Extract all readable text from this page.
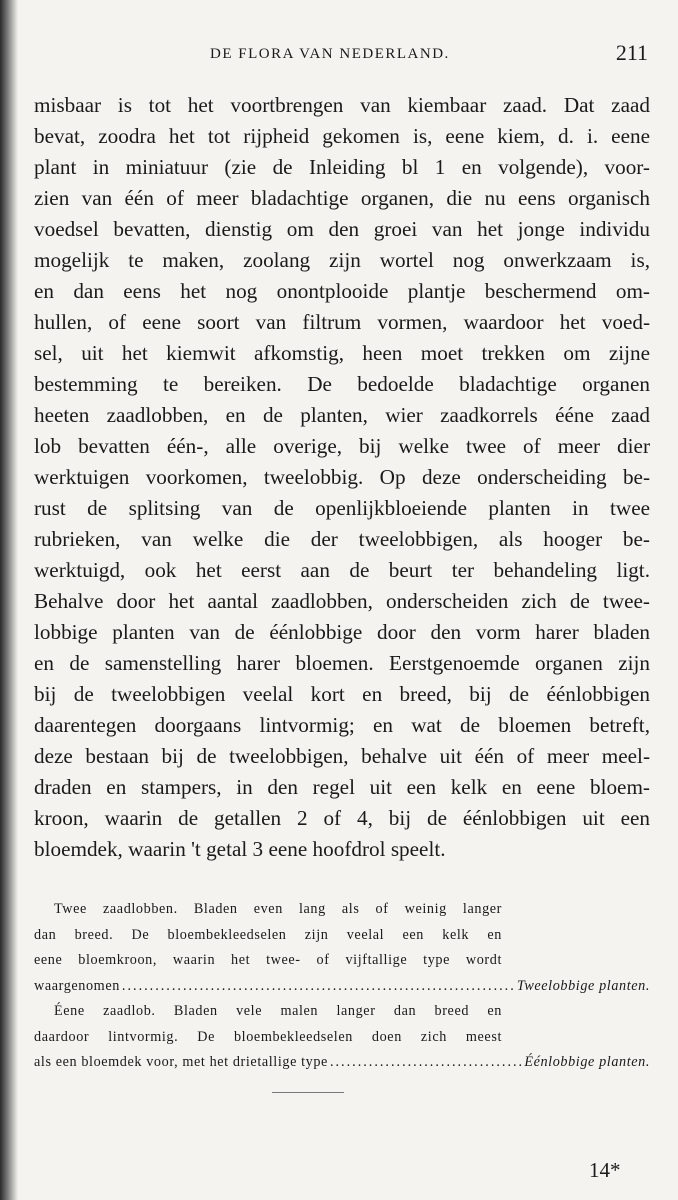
DE FLORA VAN NEDERLAND.	211
misbaar is tot het voortbrengen van kiembaar zaad. Dat zaad
bevat, zoodra het tot rijpheid gekomen is, eene kiem, d. i. eene
plant in miniatuur (zie de Inleiding bl 1 en volgende), voor-
zien van één of meer bladachtige organen, die nu eens organisch
voedsel bevatten, dienstig om den groei van het jonge individu
mogelijk te maken, zoolang zijn wortel nog onwerkzaam is,
en dan eens het nog onontplooide plantje beschermend om-
hullen, of eene soort van filtrum vormen, waardoor het voed-
sel, uit het kiemwit afkomstig, heen moet trekken om zijne
bestemming te bereiken. De bedoelde bladachtige organen
heeten zaadlobben, en de planten, wier zaadkorrels ééne zaad
lob bevatten één-, alle overige, bij welke twee of meer dier
werktuigen voorkomen, tweelobbig. Op deze onderscheiding be-
rust de splitsing van de openlijkbloeiende planten in twee
rubrieken, van welke die der tweelobbigen, als hooger be-
werktuigd, ook het eerst aan de beurt ter behandeling ligt.
Behalve door het aantal zaadlobben, onderscheiden zich de twee-
lobbige planten van de éénlobbige door den vorm harer bladen
en de samenstelling harer bloemen. Eerstgenoemde organen zijn
bij de tweelobbigen veelal kort en breed, bij de éénlobbigen
daarentegen doorgaans lintvormig; en wat de bloemen betreft,
deze bestaan bij de tweelobbigen, behalve uit één of meer meel-
draden en stampers, in den regel uit een kelk en eene bloem-
kroon, waarin de getallen 2 of 4, bij de éénlobbigen uit een
bloemdek, waarin 't getal 3 eene hoofdrol speelt.
Twee zaadlobben. Bladen even lang als of weinig langer
dan breed. De bloembekleedselen zijn veelal een kelk en
eene bloemkroon, waarin het twee- of vijftallige type wordt
waargenomen .....	Tweelobbige planten.
Éene zaadlob. Bladen vele malen langer dan breed en
daardoor lintvormig. De bloembekleedselen doen zich meest
als een bloemdek voor, met het drietallige type .....	Éénlobbige planten.
14*
